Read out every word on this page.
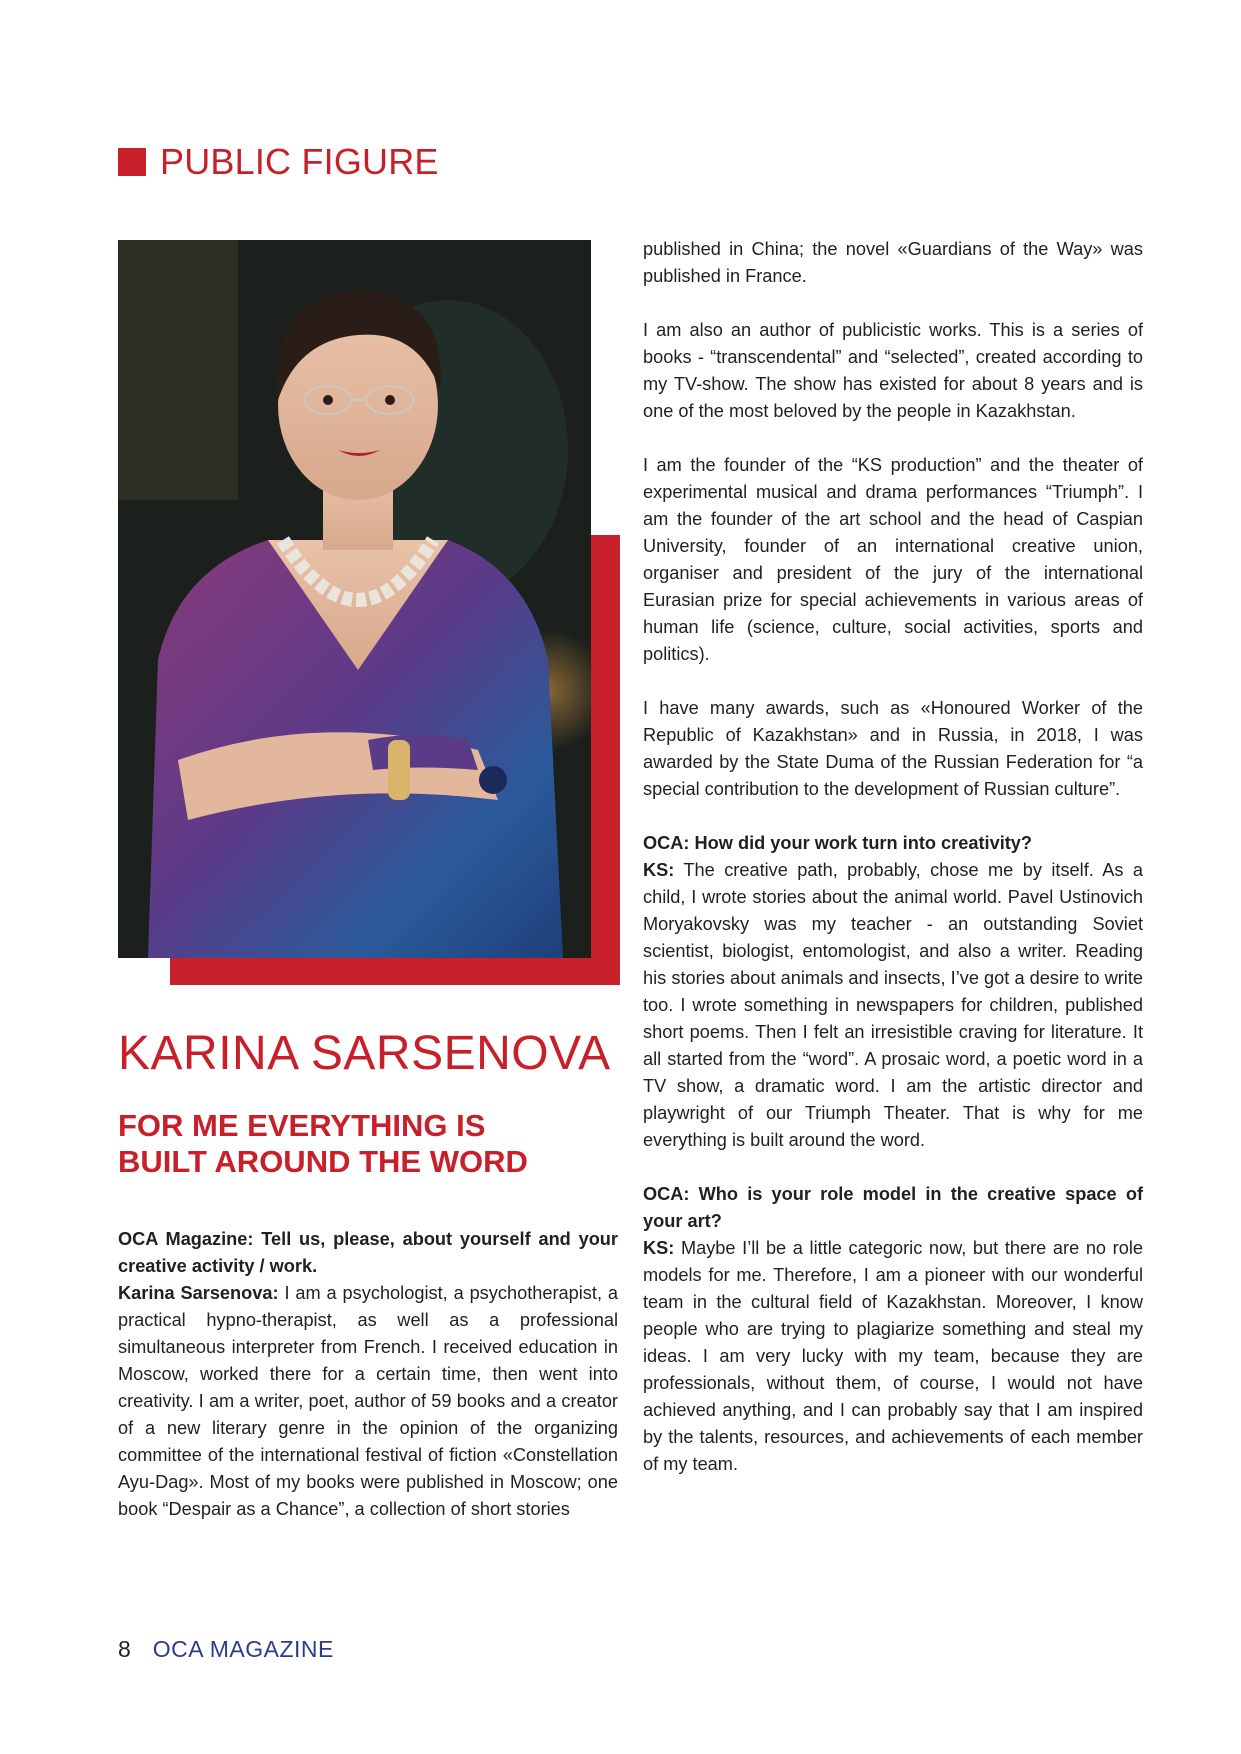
PUBLIC FIGURE
KARINA SARSENOVA
FOR ME EVERYTHING IS
BUILT AROUND THE WORD

OCA Magazine: Tell us, please, about yourself and your creative activity / work.
Karina Sarsenova: I am a psychologist, a psychotherapist, a practical hypno-therapist, as well as a professional simultaneous interpreter from French. I received education in Moscow, worked there for a certain time, then went into creativity. I am a writer, poet, author of 59 books and a creator of a new literary genre in the opinion of the organizing committee of the international festival of fiction «Constellation Ayu-Dag». Most of my books were published in Moscow; one book “Despair as a Chance”, a collection of short stories

published in China; the novel «Guardians of the Way» was published in France.

I am also an author of publicistic works. This is a series of books - “transcendental” and “selected”, created according to my TV-show. The show has existed for about 8 years and is one of the most beloved by the people in Kazakhstan.

I am the founder of the “KS production” and the theater of experimental musical and drama performances “Triumph”. I am the founder of the art school and the head of Caspian University, founder of an international creative union, organiser and president of the jury of the international Eurasian prize for special achievements in various areas of human life (science, culture, social activities, sports and politics).

I have many awards, such as «Honoured Worker of the Republic of Kazakhstan» and in Russia, in 2018, I was awarded by the State Duma of the Russian Federation for “a special contribution to the development of Russian culture”.

OCA: How did your work turn into creativity?
KS: The creative path, probably, chose me by itself. As a child, I wrote stories about the animal world. Pavel Ustinovich Moryakovsky was my teacher - an outstanding Soviet scientist, biologist, entomologist, and also a writer. Reading his stories about animals and insects, I’ve got a desire to write too. I wrote something in newspapers for children, published short poems. Then I felt an irresistible craving for literature. It all started from the “word”. A prosaic word, a poetic word in a TV show, a dramatic word. I am the artistic director and playwright of our Triumph Theater. That is why for me everything is built around the word.

OCA: Who is your role model in the creative space of your art?
KS: Maybe I’ll be a little categoric now, but there are no role models for me. Therefore, I am a pioneer with our wonderful team in the cultural field of Kazakhstan. Moreover, I know people who are trying to plagiarize something and steal my ideas. I am very lucky with my team, because they are professionals, without them, of course, I would not have achieved anything, and I can probably say that I am inspired by the talents, resources, and achievements of each member of my team.

8 OCA MAGAZINE
